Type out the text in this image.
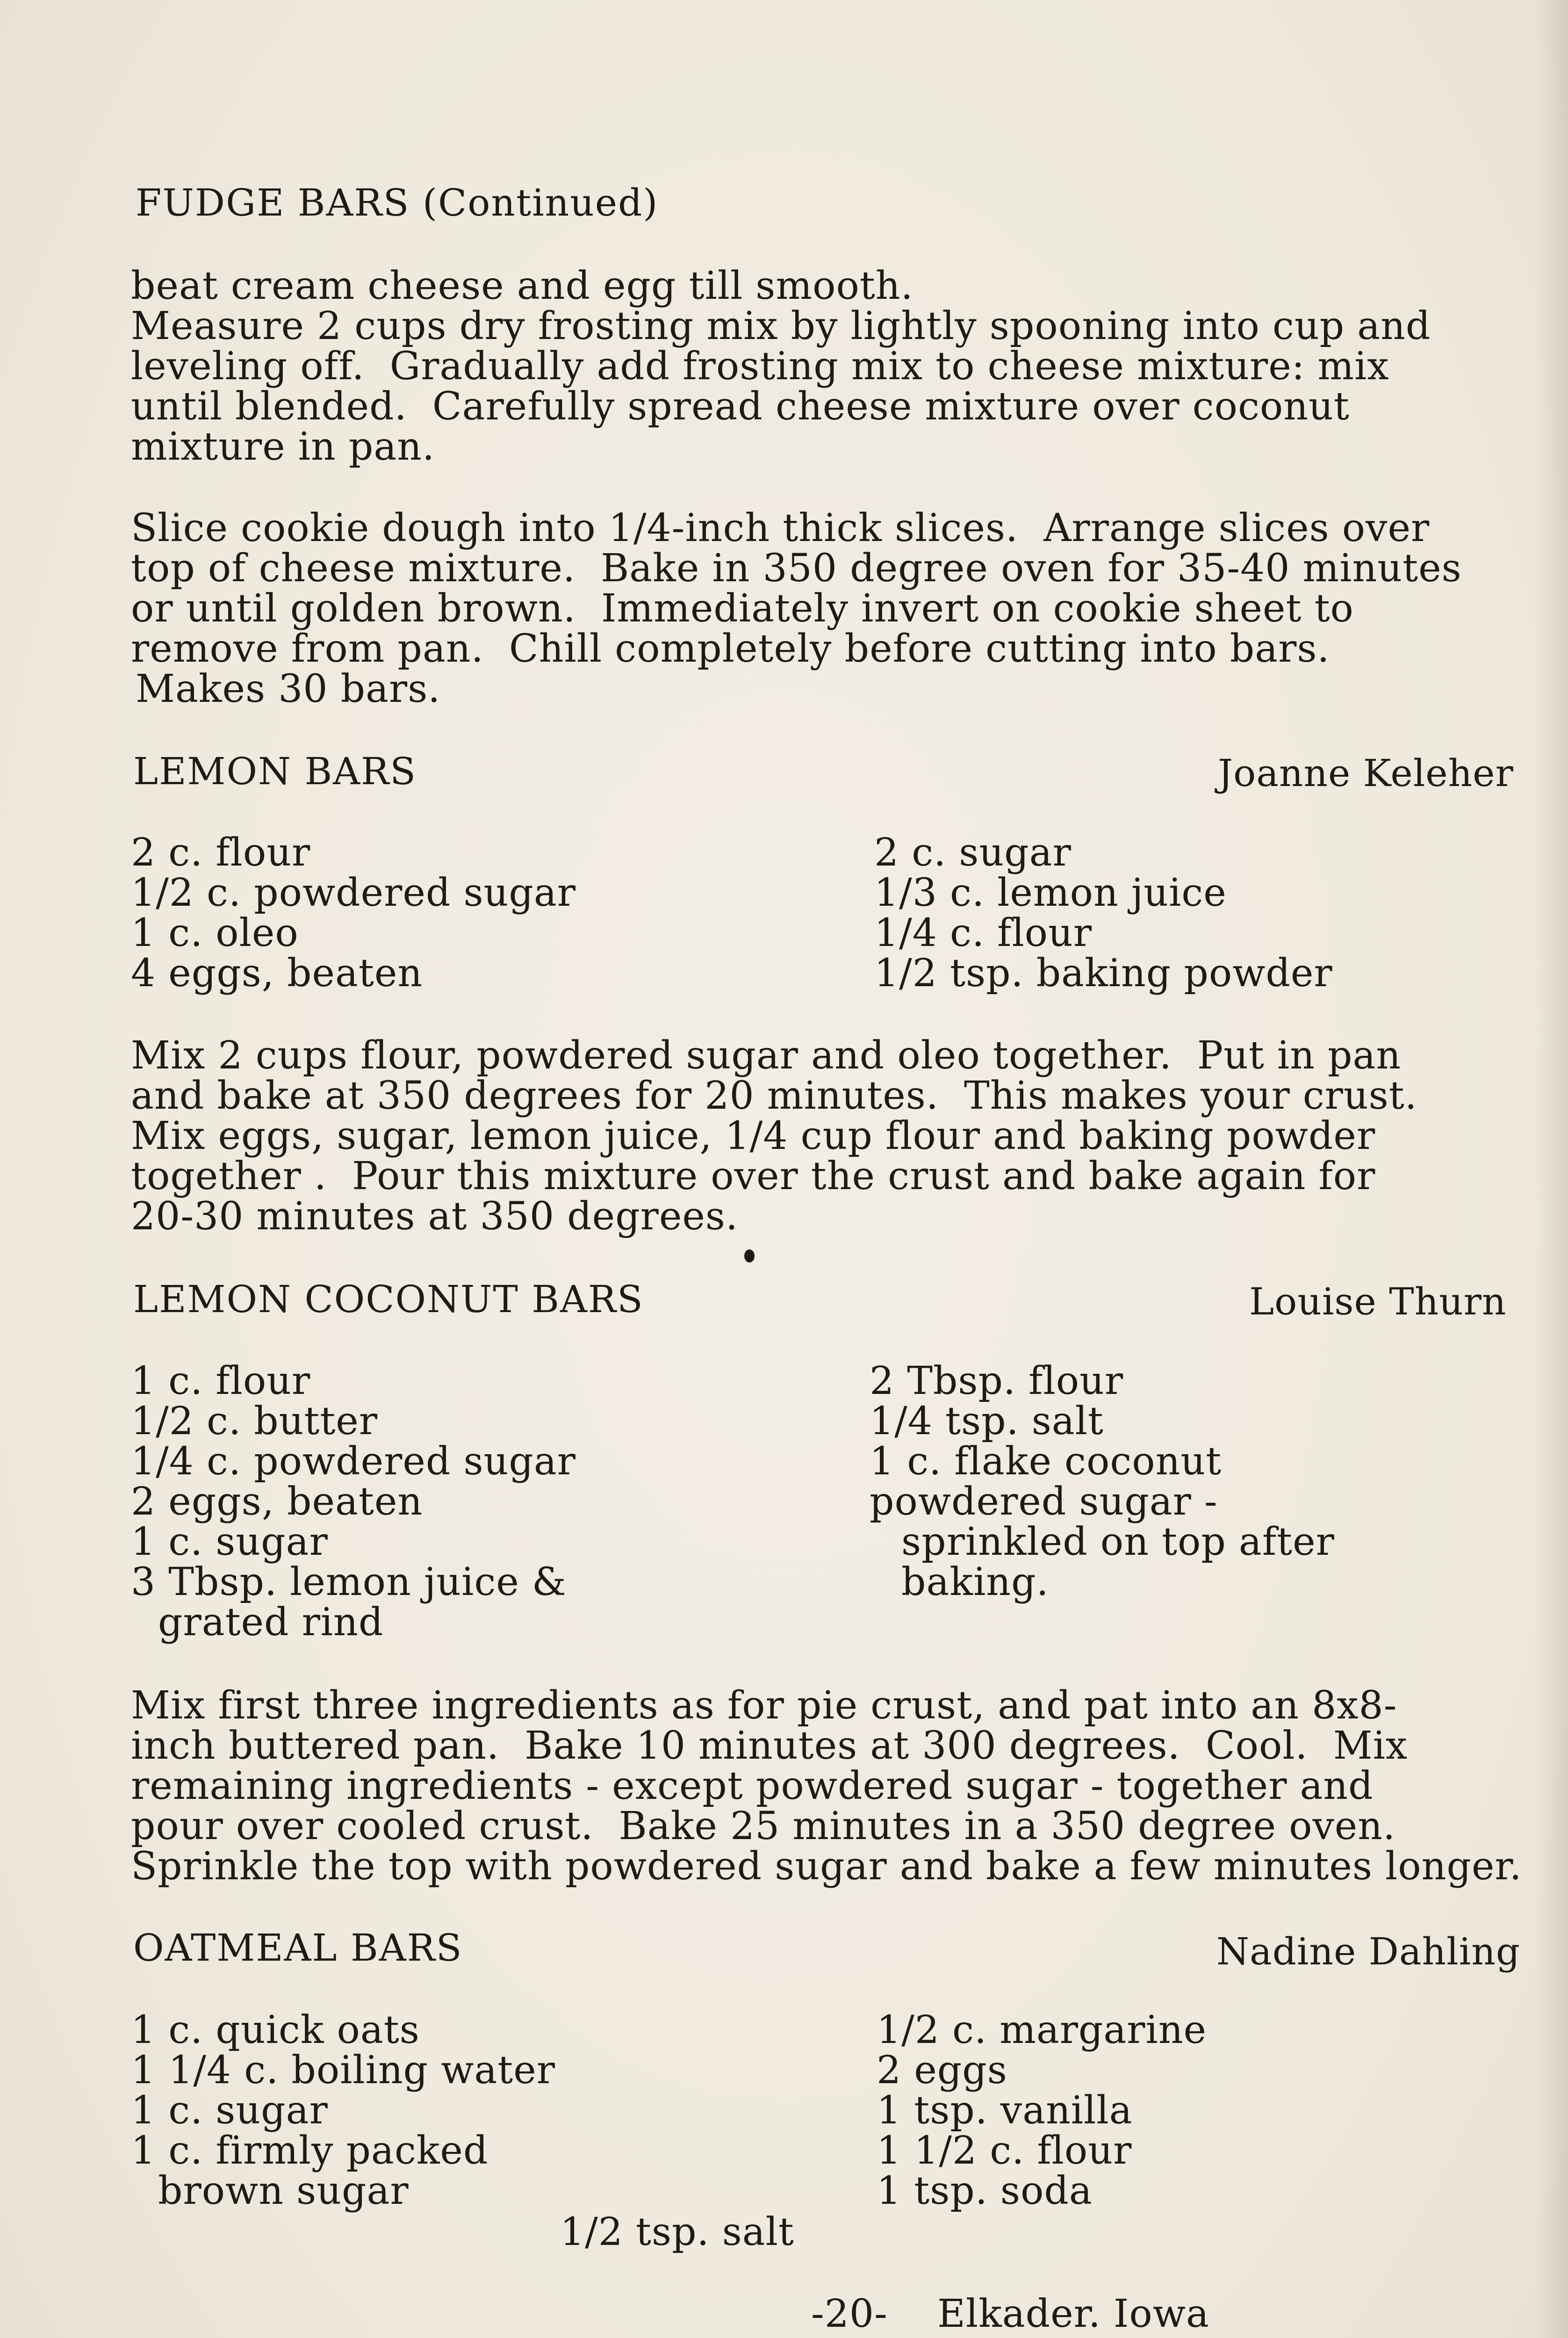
FUDGE BARS (Continued)
beat cream cheese and egg till smooth.
Measure 2 cups dry frosting mix by lightly spooning into cup and
leveling off.  Gradually add frosting mix to cheese mixture: mix
until blended.  Carefully spread cheese mixture over coconut
mixture in pan.
Slice cookie dough into 1/4-inch thick slices.  Arrange slices over
top of cheese mixture.  Bake in 350 degree oven for 35-40 minutes
or until golden brown.  Immediately invert on cookie sheet to
remove from pan.  Chill completely before cutting into bars.
Makes 30 bars.
LEMON BARS	Joanne Keleher
2 c. flour
1/2 c. powdered sugar
1 c. oleo
4 eggs, beaten
2 c. sugar
1/3 c. lemon juice
1/4 c. flour
1/2 tsp. baking powder
Mix 2 cups flour, powdered sugar and oleo together.  Put in pan
and bake at 350 degrees for 20 minutes.  This makes your crust.
Mix eggs, sugar, lemon juice, 1/4 cup flour and baking powder
together .  Pour this mixture over the crust and bake again for
20-30 minutes at 350 degrees.
LEMON COCONUT BARS	Louise Thurn
1 c. flour
1/2 c. butter
1/4 c. powdered sugar
2 eggs, beaten
1 c. sugar
3 Tbsp. lemon juice &
grated rind
2 Tbsp. flour
1/4 tsp. salt
1 c. flake coconut
powdered sugar -
sprinkled on top after
baking.
Mix first three ingredients as for pie crust, and pat into an 8x8-
inch buttered pan.  Bake 10 minutes at 300 degrees.  Cool.  Mix
remaining ingredients - except powdered sugar - together and
pour over cooled crust.  Bake 25 minutes in a 350 degree oven.
Sprinkle the top with powdered sugar and bake a few minutes longer.
OATMEAL BARS	Nadine Dahling
1 c. quick oats
1 1/4 c. boiling water
1 c. sugar
1 c. firmly packed
brown sugar
1/2 c. margarine
2 eggs
1 tsp. vanilla
1 1/2 c. flour
1 tsp. soda
1/2 tsp. salt
-20- Elkader. Iowa
